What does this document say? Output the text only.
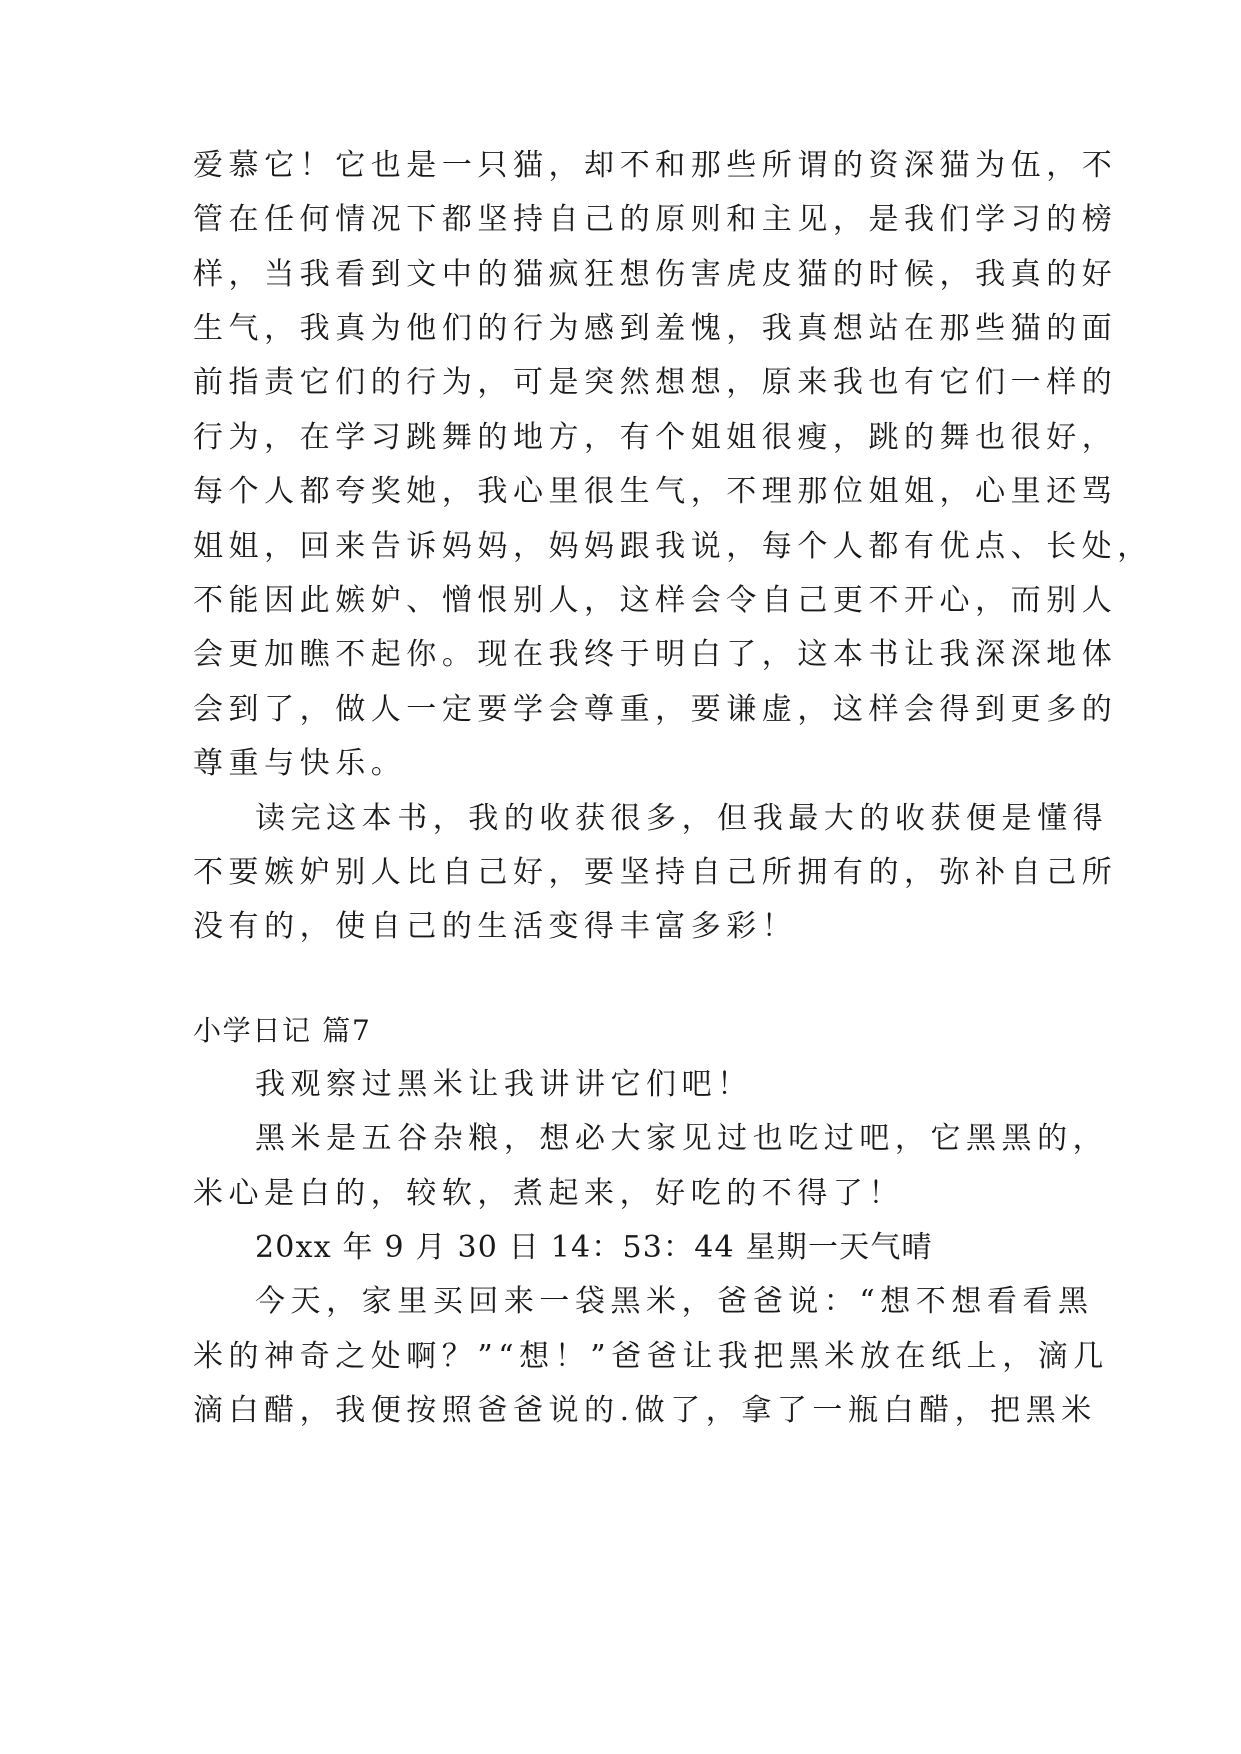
爱慕它！它也是一只猫，却不和那些所谓的资深猫为伍，不
管在任何情况下都坚持自己的原则和主见，是我们学习的榜
样，当我看到文中的猫疯狂想伤害虎皮猫的时候，我真的好
生气，我真为他们的行为感到羞愧，我真想站在那些猫的面
前指责它们的行为，可是突然想想，原来我也有它们一样的
行为，在学习跳舞的地方，有个姐姐很瘦，跳的舞也很好，
每个人都夸奖她，我心里很生气，不理那位姐姐，心里还骂
姐姐，回来告诉妈妈，妈妈跟我说，每个人都有优点、长处，
不能因此嫉妒、憎恨别人，这样会令自己更不开心，而别人
会更加瞧不起你。现在我终于明白了，这本书让我深深地体
会到了，做人一定要学会尊重，要谦虚，这样会得到更多的
尊重与快乐。
读完这本书，我的收获很多，但我最大的收获便是懂得
不要嫉妒别人比自己好，要坚持自己所拥有的，弥补自己所
没有的，使自己的生活变得丰富多彩！
小学日记 篇7
我观察过黑米让我讲讲它们吧！
黑米是五谷杂粮，想必大家见过也吃过吧，它黑黑的，
米心是白的，较软，煮起来，好吃的不得了！
20xx 年 9 月 30 日 14：53：44 星期一天气晴
今天，家里买回来一袋黑米，爸爸说：“想不想看看黑
米的神奇之处啊？”“想！”爸爸让我把黑米放在纸上，滴几
滴白醋，我便按照爸爸说的.做了，拿了一瓶白醋，把黑米
